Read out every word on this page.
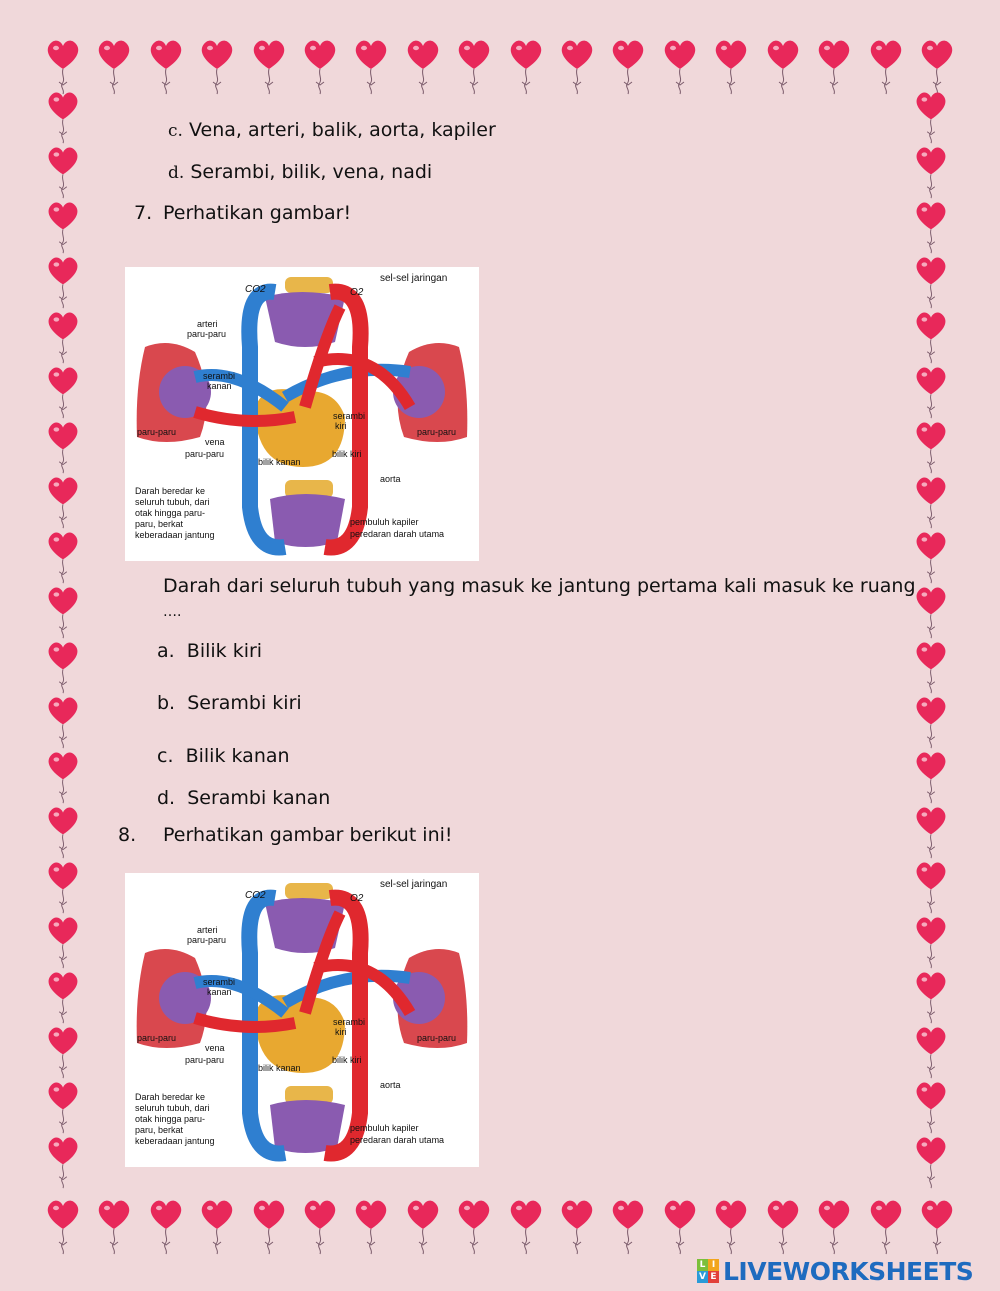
c. Vena, arteri, balik, aorta, kapiler
d. Serambi, bilik, vena, nadi
7. Perhatikan gambar!
sel-sel jaringan
CO2	O2
arteri
paru-paru
serambi
kanan
paru-paru	paru-paru
vena
paru-paru
serambi
kiri
bilik kiri
bilik kanan
aorta
Darah beredar ke
seluruh tubuh, dari
otak hingga paru-
paru, berkat
keberadaan jantung
pembuluh kapiler
peredaran darah utama
Darah dari seluruh tubuh yang masuk ke jantung pertama kali masuk ke ruang
….
a. Bilik kiri
b. Serambi kiri
c. Bilik kanan
d. Serambi kanan
8. Perhatikan gambar berikut ini!
sel-sel jaringan
CO2	O2
arteri
paru-paru
serambi
kanan
paru-paru	paru-paru
vena
paru-paru
serambi
kiri
bilik kiri
bilik kanan
aorta
Darah beredar ke
seluruh tubuh, dari
otak hingga paru-
paru, berkat
keberadaan jantung
pembuluh kapiler
peredaran darah utama
L I
V E LIVEWORKSHEETS
